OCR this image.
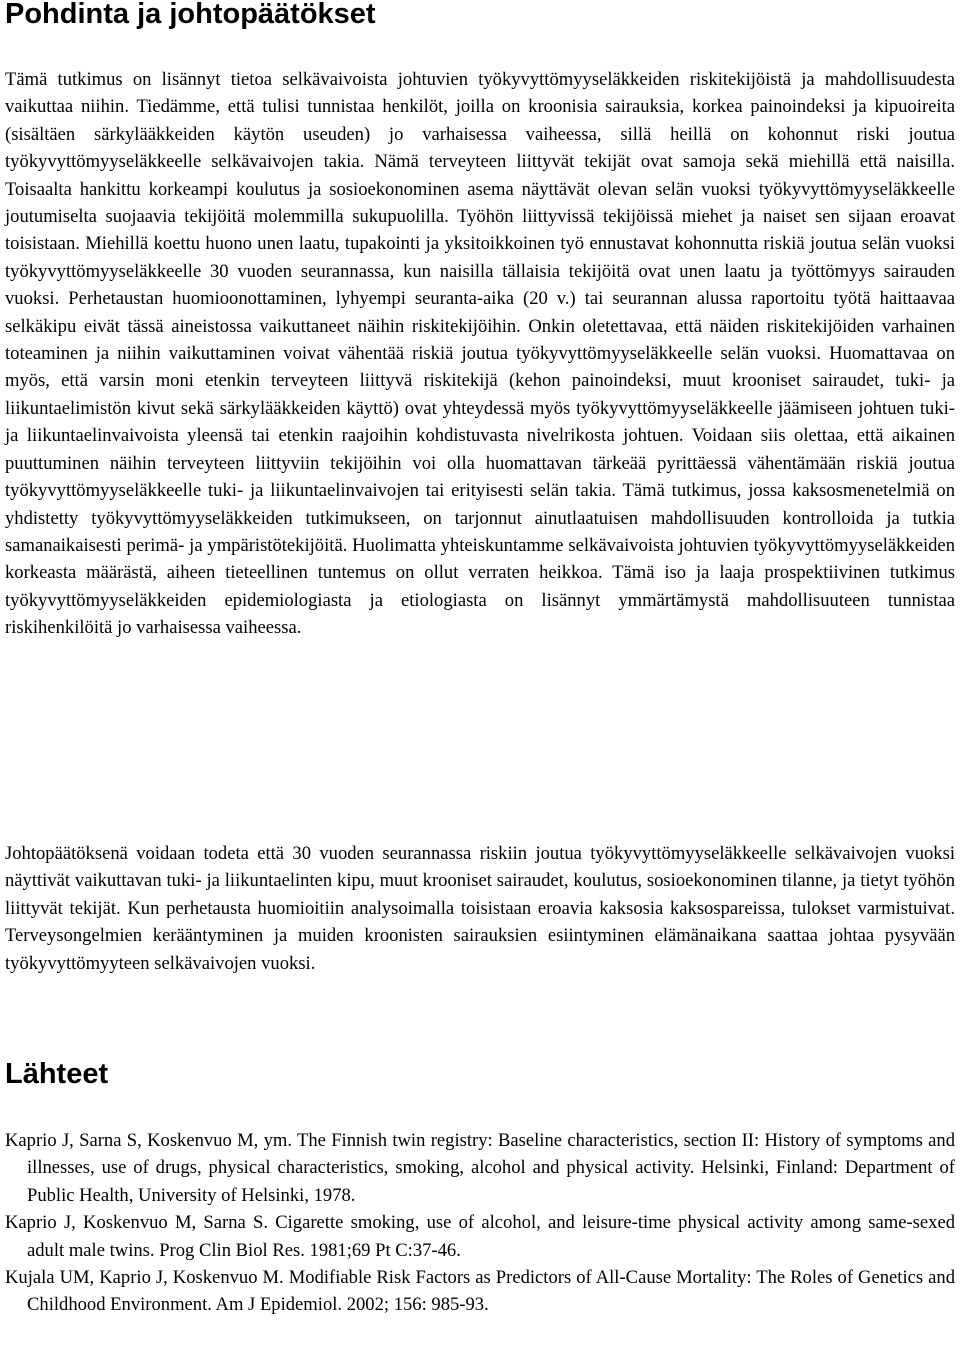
Pohdinta ja johtopäätökset

Tämä tutkimus on lisännyt tietoa selkävaivoista johtuvien työkyvyttömyyseläkkeiden riskitekijöistä ja mahdollisuudesta vaikuttaa niihin. Tiedämme, että tulisi tunnistaa henkilöt, joilla on kroonisia sairauksia, korkea painoindeksi ja kipuoireita (sisältäen särkylääkkeiden käytön useuden) jo varhaisessa vaiheessa, sillä heillä on kohonnut riski joutua työkyvyttömyyseläkkeelle selkävaivojen takia. Nämä terveyteen liittyvät tekijät ovat samoja sekä miehillä että naisilla. Toisaalta hankittu korkeampi koulutus ja sosioekonominen asema näyttävät olevan selän vuoksi työkyvyttömyyseläkkeelle joutumiselta suojaavia tekijöitä molemmilla sukupuolilla. Työhön liittyvissä tekijöissä miehet ja naiset sen sijaan eroavat toisistaan. Miehillä koettu huono unen laatu, tupakointi ja yksitoikkoinen työ ennustavat kohonnutta riskiä joutua selän vuoksi työkyvyttömyyseläkkeelle 30 vuoden seurannassa, kun naisilla tällaisia tekijöitä ovat unen laatu ja työttömyys sairauden vuoksi. Perhetaustan huomioonottaminen, lyhyempi seuranta-aika (20 v.) tai seurannan alussa raportoitu työtä haittaavaa selkäkipu eivät tässä aineistossa vaikuttaneet näihin riskitekijöihin. Onkin oletettavaa, että näiden riskitekijöiden varhainen toteaminen ja niihin vaikuttaminen voivat vähentää riskiä joutua työkyvyttömyyseläkkeelle selän vuoksi. Huomattavaa on myös, että varsin moni etenkin terveyteen liittyvä riskitekijä (kehon painoindeksi, muut krooniset sairaudet, tuki- ja liikuntaelimistön kivut sekä särkylääkkeiden käyttö) ovat yhteydessä myös työkyvyttömyyseläkkeelle jäämiseen johtuen tuki- ja liikuntaelinvaivoista yleensä tai etenkin raajoihin kohdistuvasta nivelrikosta johtuen. Voidaan siis olettaa, että aikainen puuttuminen näihin terveyteen liittyviin tekijöihin voi olla huomattavan tärkeää pyrittäessä vähentämään riskiä joutua työkyvyttömyyseläkkeelle tuki- ja liikuntaelinvaivojen tai erityisesti selän takia. Tämä tutkimus, jossa kaksosmenetelmiä on yhdistetty työkyvyttömyyseläkkeiden tutkimukseen, on tarjonnut ainutlaatuisen mahdollisuuden kontrolloida ja tutkia samanaikaisesti perimä- ja ympäristötekijöitä. Huolimatta yhteiskuntamme selkävaivoista johtuvien työkyvyttömyyseläkkeiden korkeasta määrästä, aiheen tieteellinen tuntemus on ollut verraten heikkoa. Tämä iso ja laaja prospektiivinen tutkimus työkyvyttömyyseläkkeiden epidemiologiasta ja etiologiasta on lisännyt ymmärtämystä mahdollisuuteen tunnistaa riskihenkilöitä jo varhaisessa vaiheessa.

Johtopäätöksenä voidaan todeta että 30 vuoden seurannassa riskiin joutua työkyvyttömyyseläkkeelle selkävaivojen vuoksi näyttivät vaikuttavan tuki- ja liikuntaelinten kipu, muut krooniset sairaudet, koulutus, sosioekonominen tilanne, ja tietyt työhön liittyvät tekijät. Kun perhetausta huomioitiin analysoimalla toisistaan eroavia kaksosia kaksospareissa, tulokset varmistuivat. Terveysongelmien kerääntyminen ja muiden kroonisten sairauksien esiintyminen elämänaikana saattaa johtaa pysyvään työkyvyttömyyteen selkävaivojen vuoksi.

Lähteet
Kaprio J, Sarna S, Koskenvuo M, ym. The Finnish twin registry: Baseline characteristics, section II: History of symptoms and illnesses, use of drugs, physical characteristics, smoking, alcohol and physical activity. Helsinki, Finland: Department of Public Health, University of Helsinki, 1978.
Kaprio J, Koskenvuo M, Sarna S. Cigarette smoking, use of alcohol, and leisure-time physical activity among same-sexed adult male twins. Prog Clin Biol Res. 1981;69 Pt C:37-46.
Kujala UM, Kaprio J, Koskenvuo M. Modifiable Risk Factors as Predictors of All-Cause Mortality: The Roles of Genetics and Childhood Environment. Am J Epidemiol. 2002; 156: 985-93.
